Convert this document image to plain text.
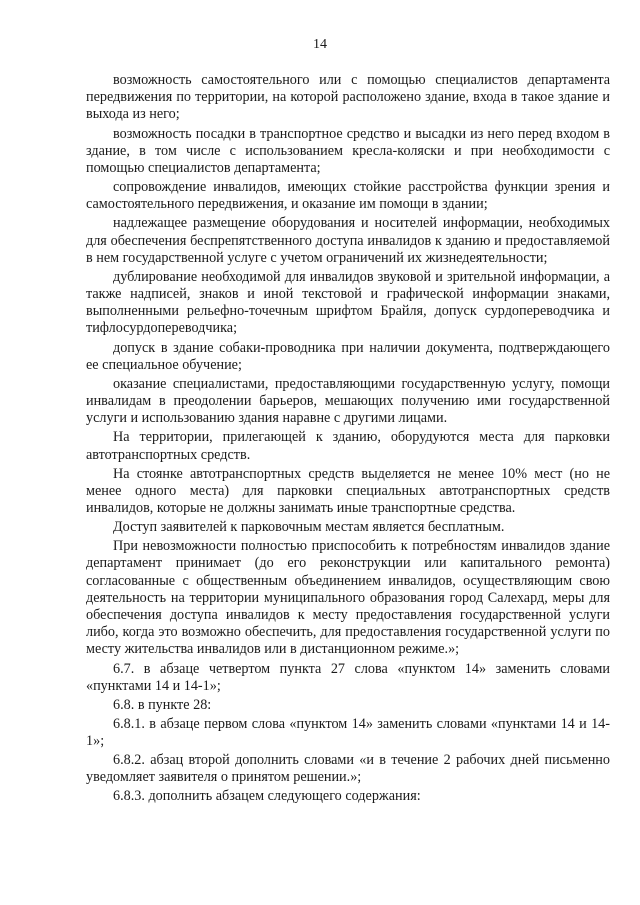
14

возможность самостоятельного или с помощью специалистов департамента передвижения по территории, на которой расположено здание, входа в такое здание и выхода из него;

возможность посадки в транспортное средство и высадки из него перед входом в здание, в том числе с использованием кресла-коляски и при необходимости с помощью специалистов департамента;

сопровождение инвалидов, имеющих стойкие расстройства функции зрения и самостоятельного передвижения, и оказание им помощи в здании;

надлежащее размещение оборудования и носителей информации, необходимых для обеспечения беспрепятственного доступа инвалидов к зданию и предоставляемой в нем государственной услуге с учетом ограничений их жизнедеятельности;

дублирование необходимой для инвалидов звуковой и зрительной информации, а также надписей, знаков и иной текстовой и графической информации знаками, выполненными рельефно-точечным шрифтом Брайля, допуск сурдопереводчика и тифлосурдопереводчика;

допуск в здание собаки-проводника при наличии документа, подтверждающего ее специальное обучение;

оказание специалистами, предоставляющими государственную услугу, помощи инвалидам в преодолении барьеров, мешающих получению ими государственной услуги и использованию здания наравне с другими лицами.

На территории, прилегающей к зданию, оборудуются места для парковки автотранспортных средств.

На стоянке автотранспортных средств выделяется не менее 10% мест (но не менее одного места) для парковки специальных автотранспортных средств инвалидов, которые не должны занимать иные транспортные средства.

Доступ заявителей к парковочным местам является бесплатным.

При невозможности полностью приспособить к потребностям инвалидов здание департамент принимает (до его реконструкции или капитального ремонта) согласованные с общественным объединением инвалидов, осуществляющим свою деятельность на территории муниципального образования город Салехард, меры для обеспечения доступа инвалидов к месту предоставления государственной услуги либо, когда это возможно обеспечить, для предоставления государственной услуги по месту жительства инвалидов или в дистанционном режиме.»;

6.7. в абзаце четвертом пункта 27 слова «пунктом 14» заменить словами «пунктами 14 и 14-1»;

6.8. в пункте 28:

6.8.1. в абзаце первом слова «пунктом 14» заменить словами «пунктами 14 и 14-1»;

6.8.2. абзац второй дополнить словами «и в течение 2 рабочих дней письменно уведомляет заявителя о принятом решении.»;

6.8.3. дополнить абзацем следующего содержания:
